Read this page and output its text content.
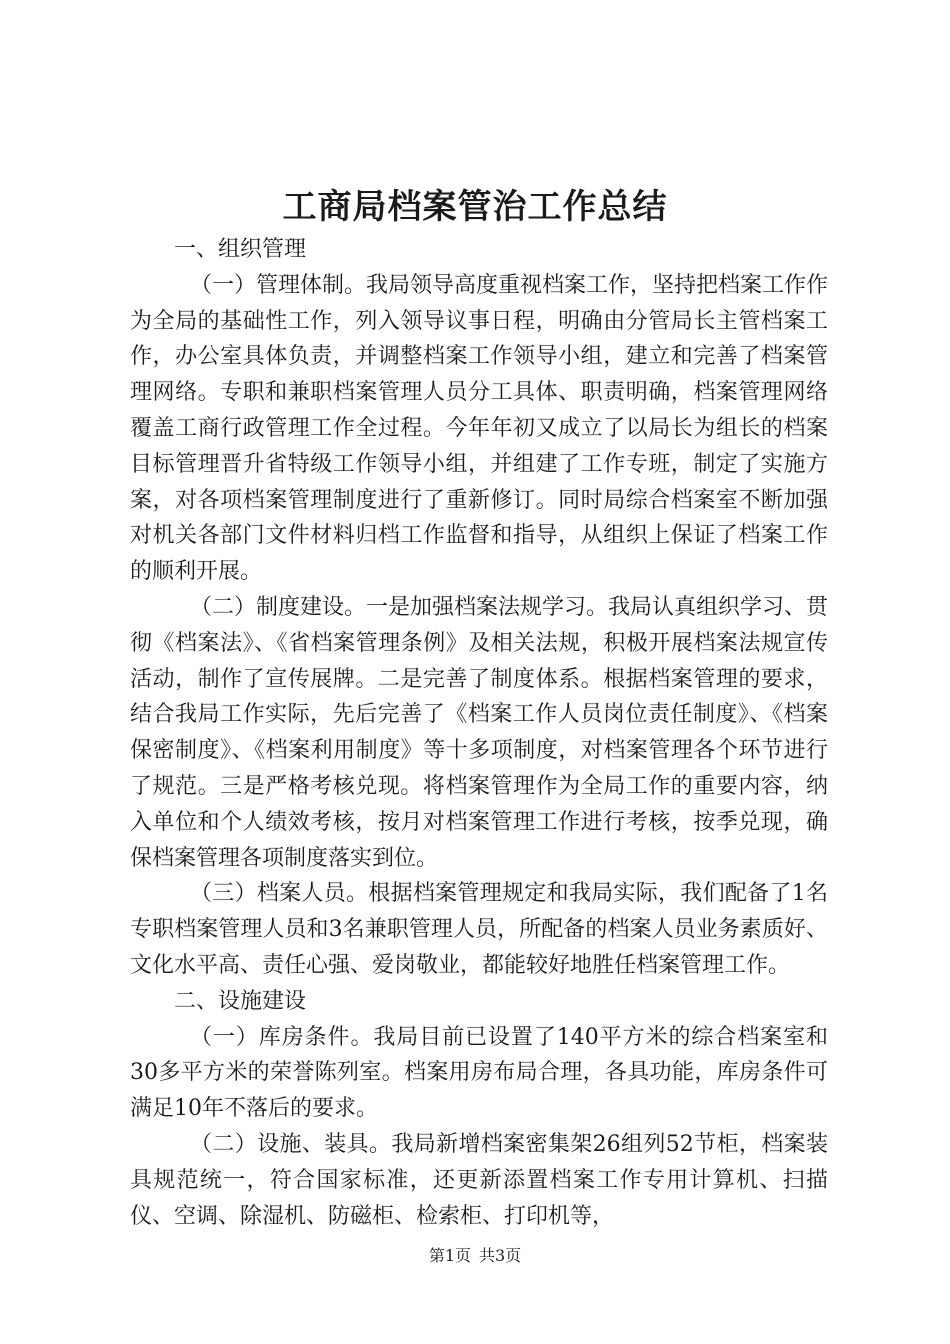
工商局档案管治工作总结

一、组织管理

（一）管理体制。我局领导高度重视档案工作，坚持把档案工作作为全局的基础性工作，列入领导议事日程，明确由分管局长主管档案工作，办公室具体负责，并调整档案工作领导小组，建立和完善了档案管理网络。专职和兼职档案管理人员分工具体、职责明确，档案管理网络覆盖工商行政管理工作全过程。今年年初又成立了以局长为组长的档案目标管理晋升省特级工作领导小组，并组建了工作专班，制定了实施方案，对各项档案管理制度进行了重新修订。同时局综合档案室不断加强对机关各部门文件材料归档工作监督和指导，从组织上保证了档案工作的顺利开展。

（二）制度建设。一是加强档案法规学习。我局认真组织学习、贯彻《档案法》、《省档案管理条例》及相关法规，积极开展档案法规宣传活动，制作了宣传展牌。二是完善了制度体系。根据档案管理的要求，结合我局工作实际，先后完善了《档案工作人员岗位责任制度》、《档案保密制度》、《档案利用制度》等十多项制度，对档案管理各个环节进行了规范。三是严格考核兑现。将档案管理作为全局工作的重要内容，纳入单位和个人绩效考核，按月对档案管理工作进行考核，按季兑现，确保档案管理各项制度落实到位。

（三）档案人员。根据档案管理规定和我局实际，我们配备了1名专职档案管理人员和3名兼职管理人员，所配备的档案人员业务素质好、文化水平高、责任心强、爱岗敬业，都能较好地胜任档案管理工作。

二、设施建设

（一）库房条件。我局目前已设置了140平方米的综合档案室和30多平方米的荣誉陈列室。档案用房布局合理，各具功能，库房条件可满足10年不落后的要求。

（二）设施、装具。我局新增档案密集架26组列52节柜，档案装具规范统一，符合国家标准，还更新添置档案工作专用计算机、扫描仪、空调、除湿机、防磁柜、检索柜、打印机等，

第1页 共3页
